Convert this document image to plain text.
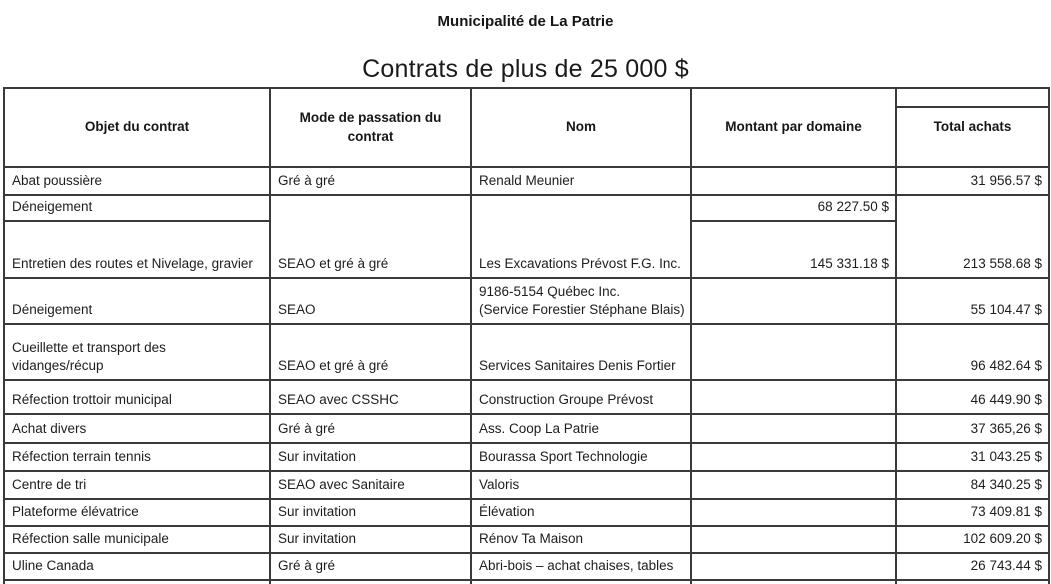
Municipalité de La Patrie
Contrats de plus de 25 000 $
Objet du contrat	Mode de passation du contrat	Nom	Montant par domaine	Total achats
Abat poussière	Gré à gré	Renald Meunier		31 956.57 $
Déneigement	SEAO et gré à gré	Les Excavations Prévost F.G. Inc.	68 227.50 $	213 558.68 $
Entretien des routes et Nivelage, gravier			145 331.18 $	
Déneigement	SEAO	9186-5154 Québec Inc.
(Service Forestier Stéphane Blais)		55 104.47 $

Cueillette et transport des
vidanges/récup	SEAO et gré à gré	Services Sanitaires Denis Fortier		96 482.64 $
Réfection trottoir municipal	SEAO avec CSSHC	Construction Groupe Prévost		46 449.90 $
Achat divers	Gré à gré	Ass. Coop La Patrie		37 365,26 $
Réfection terrain tennis	Sur invitation	Bourassa Sport Technologie		31 043.25 $
Centre de tri	SEAO avec Sanitaire	Valoris		84 340.25 $
Plateforme élévatrice	Sur invitation	Élévation		73 409.81 $
Réfection salle municipale	Sur invitation	Rénov Ta Maison		102 609.20 $
Uline Canada	Gré à gré	Abri-bois – achat chaises, tables		26 743.44 $
